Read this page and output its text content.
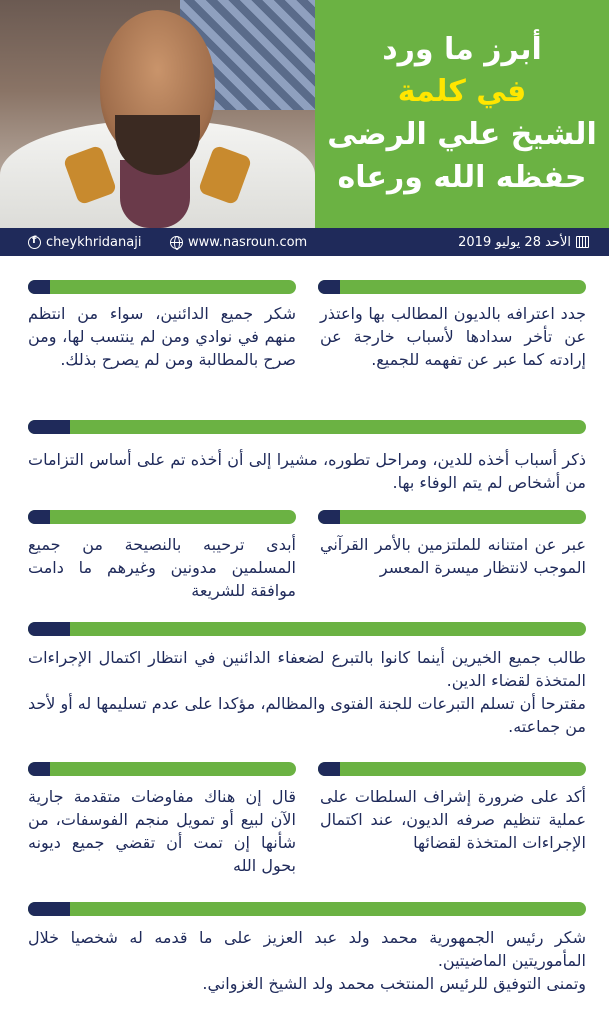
أبرز ما ورد
في كلمة
الشيخ علي الرضى
حفظه الله ورعاه
f
cheykhridanaji	www.nasroun.com	الأحد 28 يوليو 2019

جدد اعترافه بالديون المطالب بها واعتذر عن تأخر سدادها لأسباب خارجة عن إرادته كما عبر عن تفهمه للجميع.

شكر جميع الدائنين، سواء من انتظم منهم في نوادي ومن لم ينتسب لها، ومن صرح بالمطالبة ومن لم يصرح بذلك.

ذكر أسباب أخذه للدين، ومراحل تطوره، مشيرا إلى أن أخذه تم على أساس التزامات من أشخاص لم يتم الوفاء بها.

عبر عن امتنانه للملتزمين بالأمر القرآني الموجب لانتظار ميسرة المعسر

أبدى ترحيبه بالنصيحة من جميع المسلمين مدونين وغيرهم ما دامت موافقة للشريعة

طالب جميع الخيرين أينما كانوا بالتبرع لضعفاء الدائنين في انتظار اكتمال الإجراءات المتخذة لقضاء الدين.

مقترحا أن تسلم التبرعات للجنة الفتوى والمظالم، مؤكدا على عدم تسليمها له أو لأحد من جماعته.

أكد على ضرورة إشراف السلطات على عملية تنظيم صرفه الديون، عند اكتمال الإجراءات المتخذة لقضائها

قال إن هناك مفاوضات متقدمة جارية الآن لبيع أو تمويل منجم الفوسفات، من شأنها إن تمت أن تقضي جميع ديونه بحول الله

شكر رئيس الجمهورية محمد ولد عبد العزيز على ما قدمه له شخصيا خلال المأموريتين الماضيتين.

وتمنى التوفيق للرئيس المنتخب محمد ولد الشيخ الغزواني.
